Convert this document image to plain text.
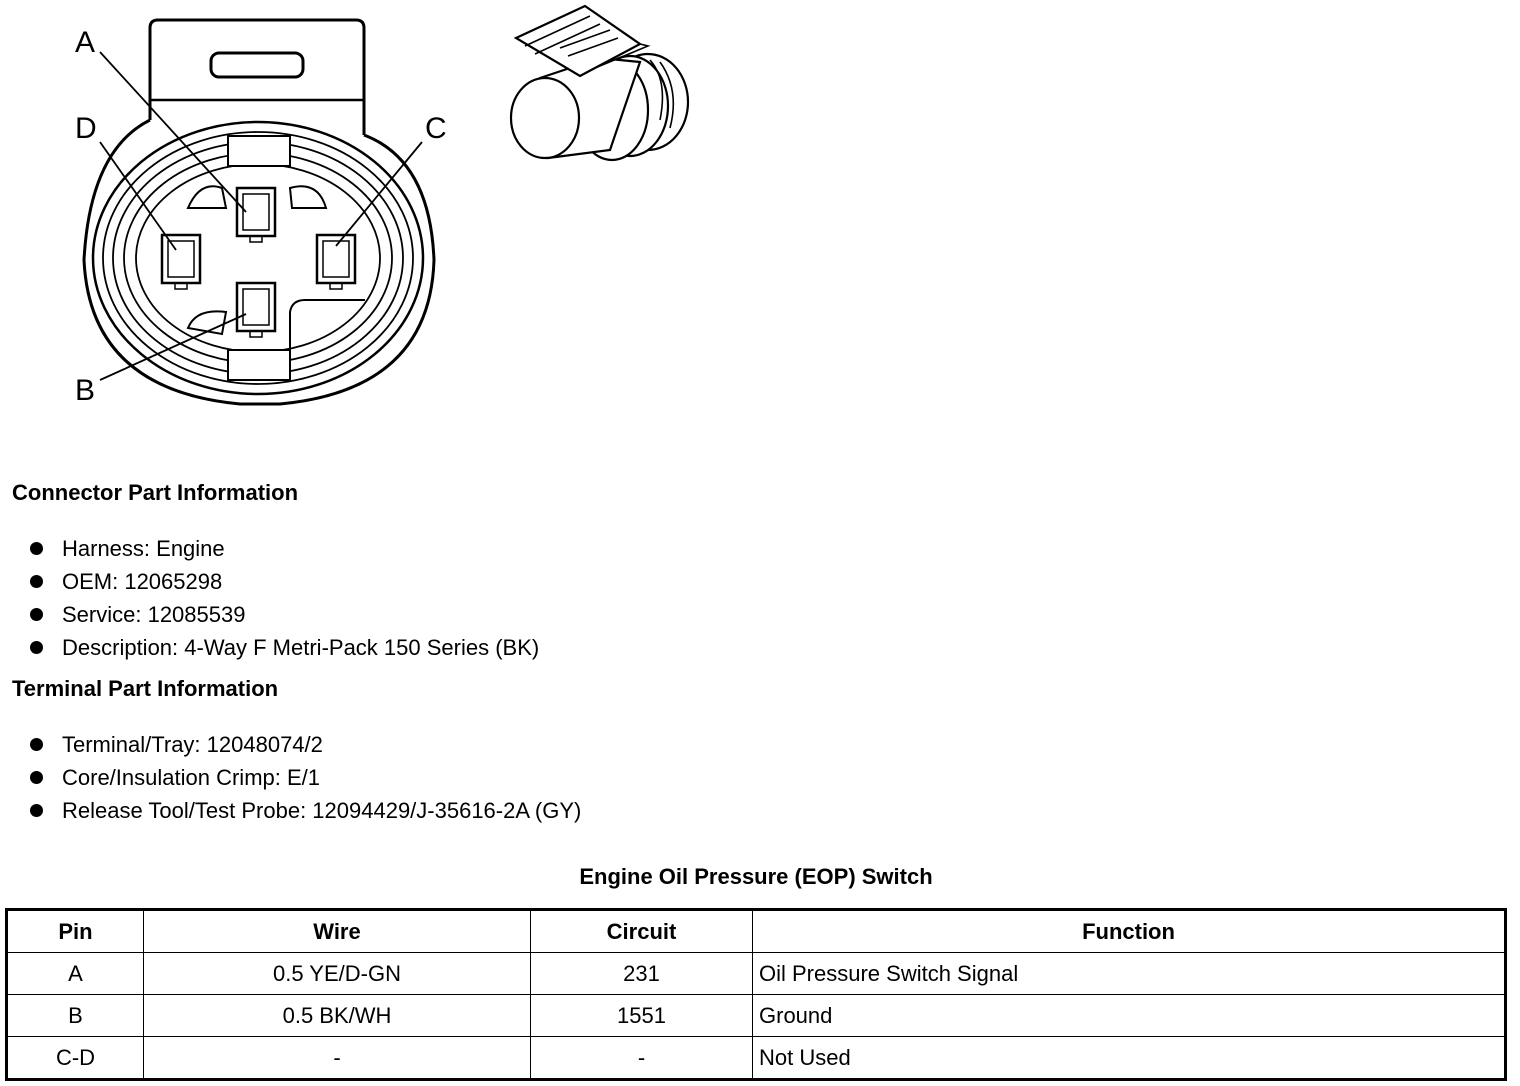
A
B
C
D
Connector Part Information
Harness: Engine
OEM: 12065298
Service: 12085539
Description: 4-Way F Metri-Pack 150 Series (BK)
Terminal Part Information
Terminal/Tray: 12048074/2
Core/Insulation Crimp: E/1
Release Tool/Test Probe: 12094429/J-35616-2A (GY)
Engine Oil Pressure (EOP) Switch
Pin	Wire	Circuit	Function
A	0.5 YE/D-GN	231	Oil Pressure Switch Signal
B	0.5 BK/WH	1551	Ground
C-D	-	-	Not Used
